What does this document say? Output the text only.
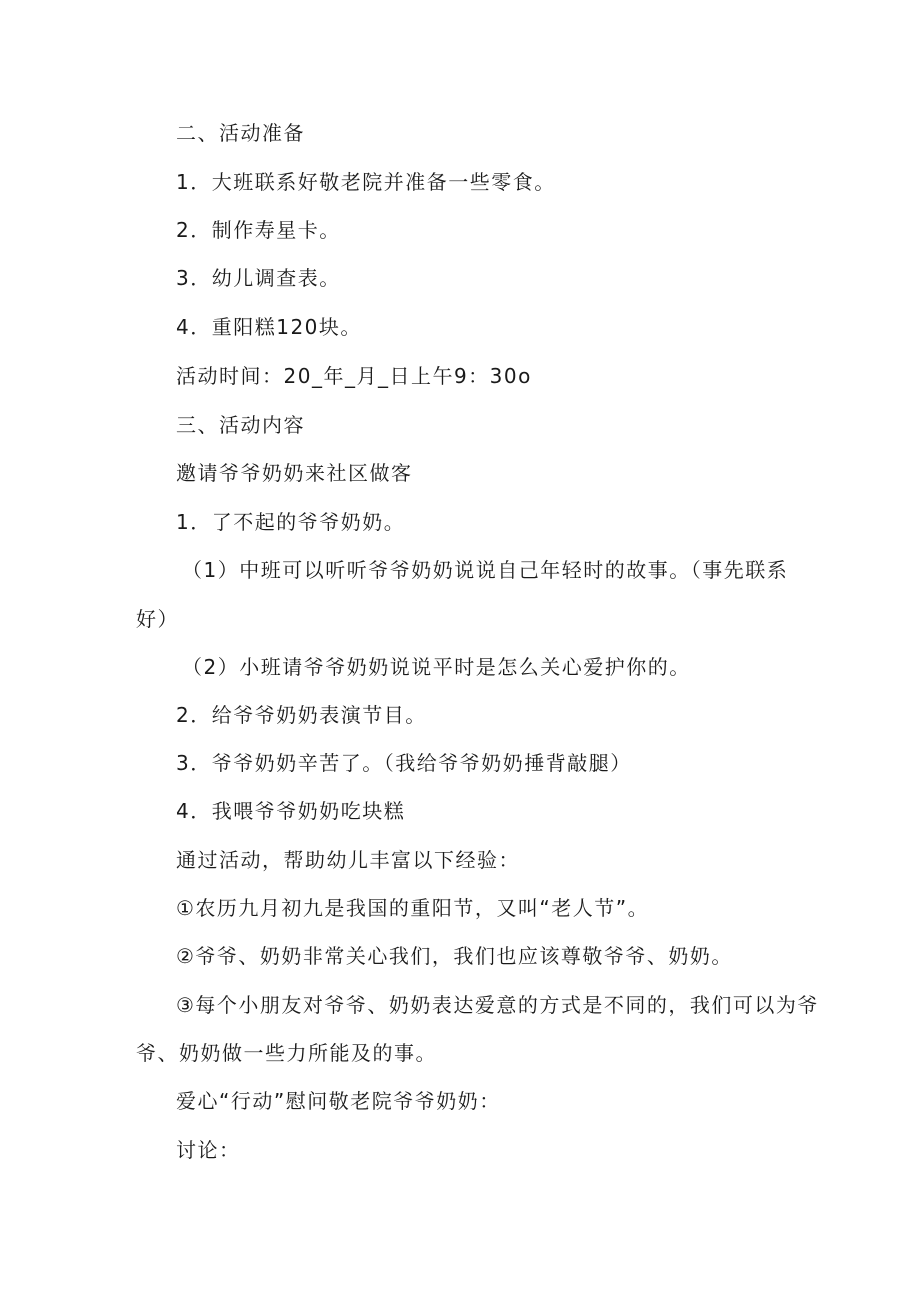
二、活动准备
1．大班联系好敬老院并准备一些零食。
2．制作寿星卡。
3．幼儿调查表。
4．重阳糕120块。
活动时间：20_年_月_日上午9：30o
三、活动内容
邀请爷爷奶奶来社区做客
1．了不起的爷爷奶奶。
（1）中班可以听听爷爷奶奶说说自己年轻时的故事。（事先联系
好）
（2）小班请爷爷奶奶说说平时是怎么关心爱护你的。
2．给爷爷奶奶表演节目。
3．爷爷奶奶辛苦了。（我给爷爷奶奶捶背敲腿）
4．我喂爷爷奶奶吃块糕
通过活动，帮助幼儿丰富以下经验：
①农历九月初九是我国的重阳节，又叫“老人节”。
②爷爷、奶奶非常关心我们，我们也应该尊敬爷爷、奶奶。
③每个小朋友对爷爷、奶奶表达爱意的方式是不同的，我们可以为爷
爷、奶奶做一些力所能及的事。
爱心“行动”慰问敬老院爷爷奶奶：
讨论：
